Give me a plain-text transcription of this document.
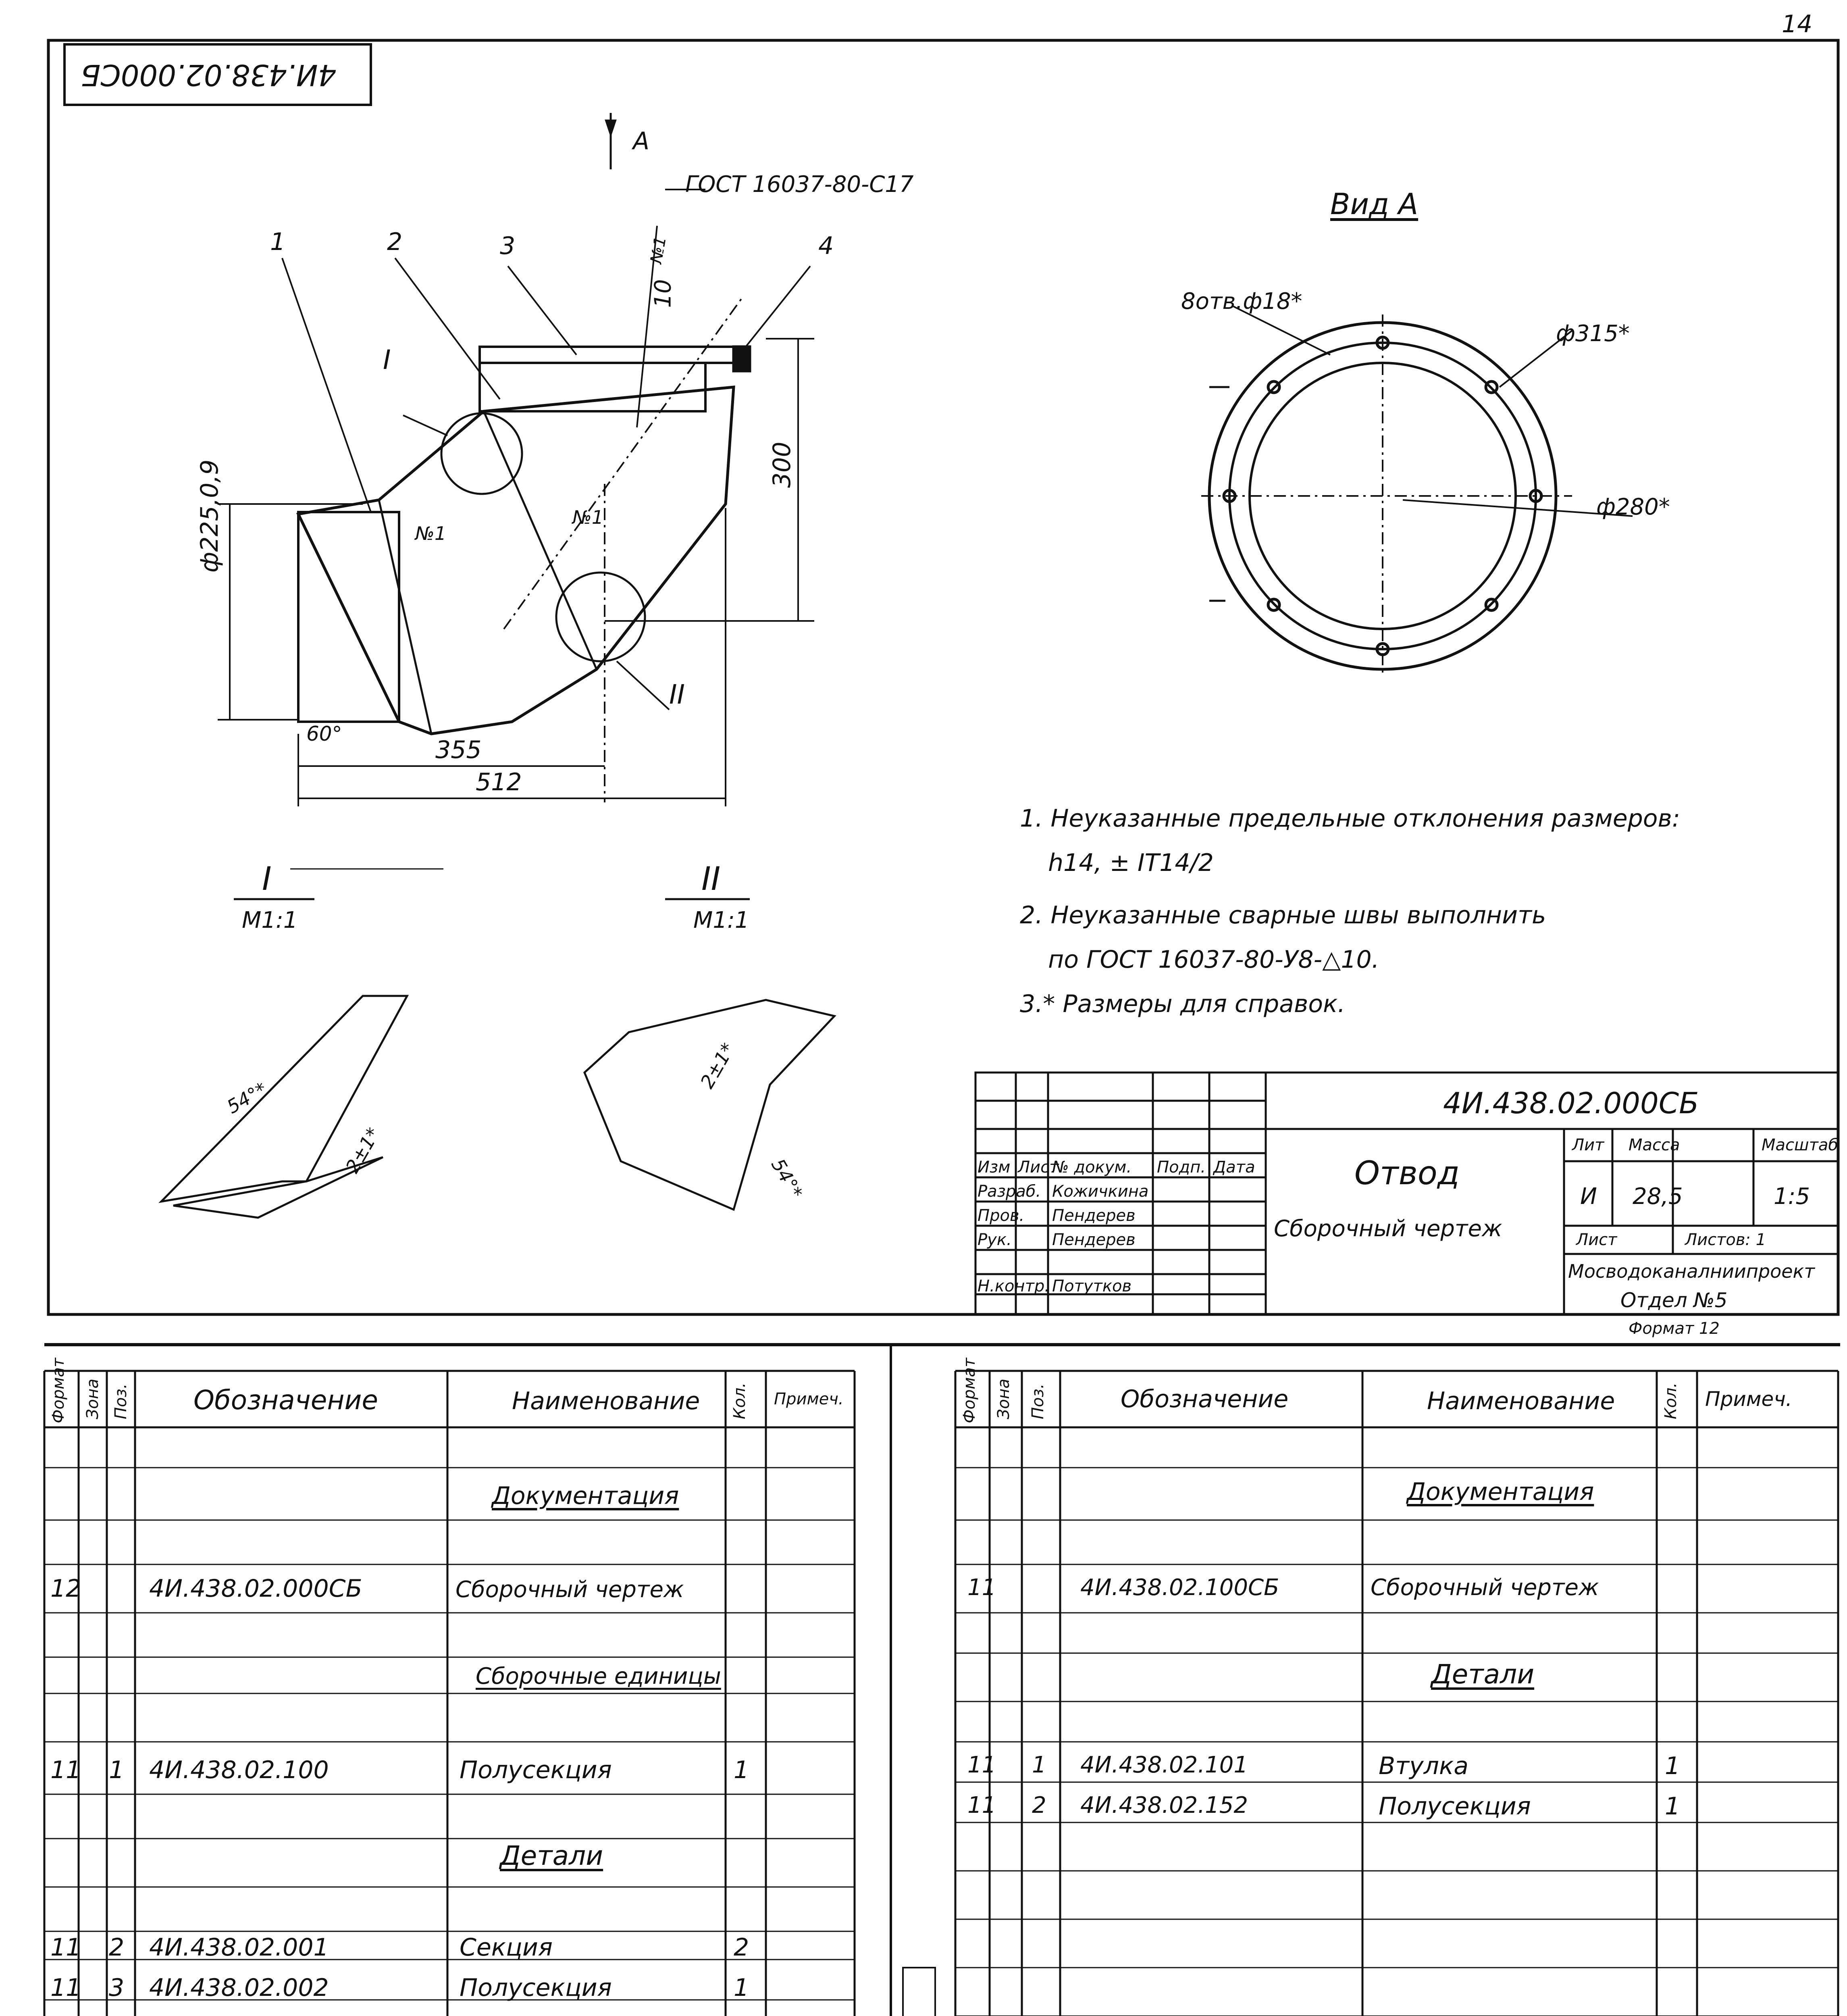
14
4И.438.02.000СБ
А
ГОСТ 16037-80-С17
1	2	3	4
№1
№1
№1
I
II
10
ф225,0,9	300
60°
355
512
Вид А
8отв.ф18*
ф315*
ф280*
I
М1:1
54°*
2±1*
II
М1:1
54°*
2±1*
1. Неуказанные предельные отклонения размеров:
h14, ± IT14/2
2. Неуказанные сварные швы выполнить
по ГОСТ 16037-80-У8-△10.
3.* Размеры для справок.
4И.438.02.000СБ
Отвод
Сборочный чертеж
Лит Масса	Масштаб
И 28,5	1:5
Лист	Листов: 1
Мосводоканалниипроект
Отдел №5
Формат 12
Изм Лист
№ докум. Подп. Дата
Разраб. Кожичкина
Пров. Пендерев
Рук.	Пендерев
Н.контр. Потутков
Формат Зона Поз. Обозначение	Наименование Кол. Примеч.
Документация
12	4И.438.02.000СБ	Сборочный чертеж
Сборочные единицы
11 1 4И.438.02.100	Полусекция	1
Детали
11 2 4И.438.02.001	Секция	2
11 3 4И.438.02.002	Полусекция	1
Формат Зона Поз.	Обозначение	Наименование	Кол. Примеч.
Документация
11	4И.438.02.100СБ	Сборочный чертеж
Детали
11 1 4И.438.02.101	Втулка	1
11 2 4И.438.02.152	Полусекция	1
